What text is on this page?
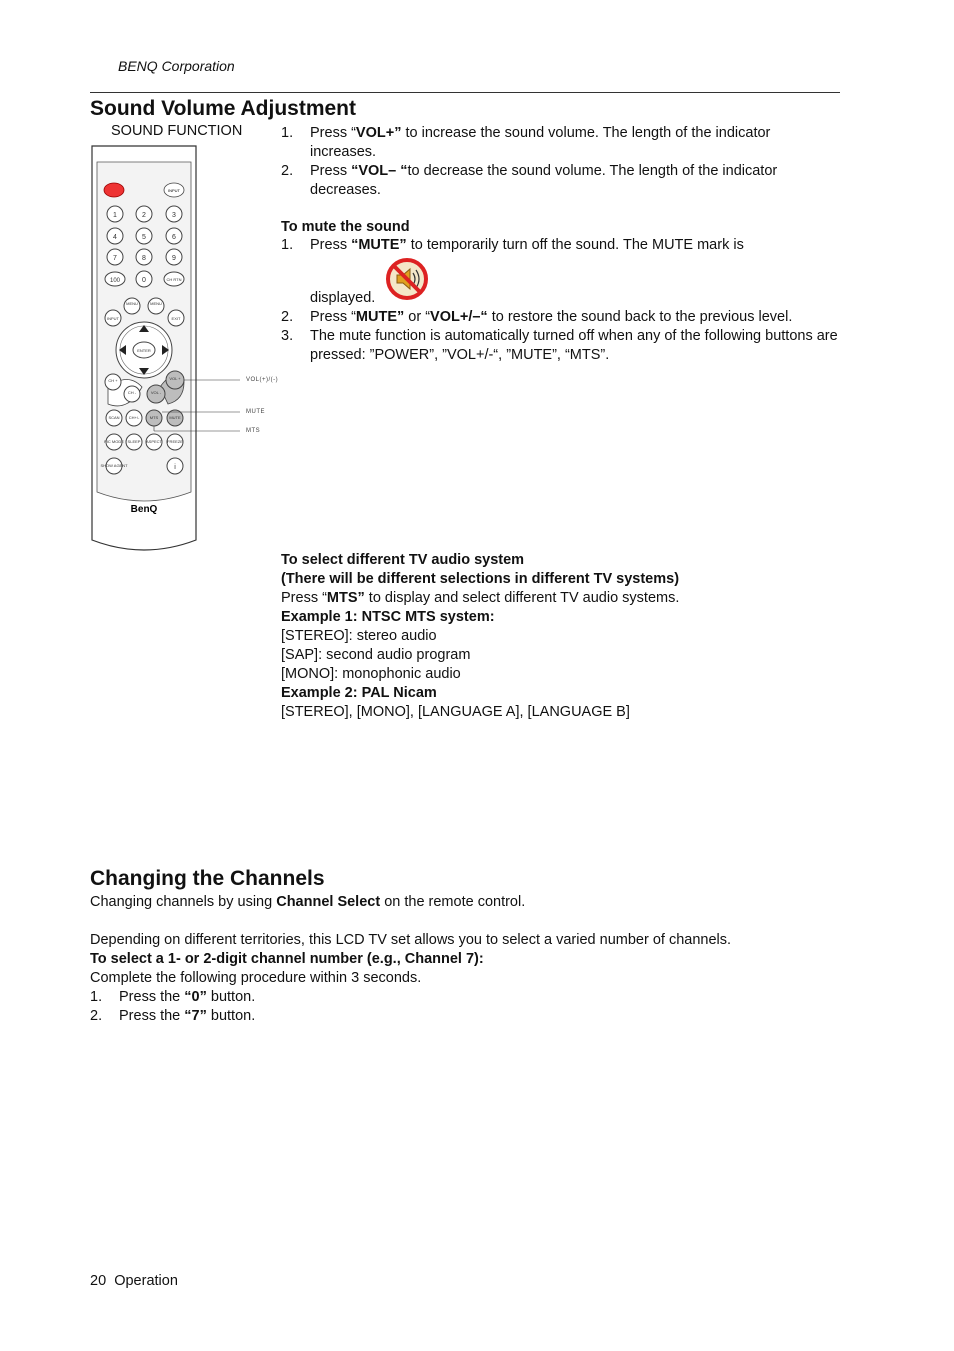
BENQ Corporation
Sound Volume Adjustment
SOUND FUNCTION	1. Press “VOL+” to increase the sound volume. The length of the indicator increases.
2. Press “VOL– “to decrease the sound volume. The length of the indicator decreases.
To mute the sound
1. Press “MUTE” to temporarily turn off the sound. The MUTE mark is
displayed.
2. Press “MUTE” or “VOL+/–“ to restore the sound back to the previous level.
3. The mute function is automatically turned off when any of the following buttons are pressed: ”POWER”, ”VOL+/-“, ”MUTE”, “MTS”.
INPUT
1	2	3
4	5	6
7	8	9
100	0	CH RTN
MENU	MENU
INPUT	EXIT
ENTER
CH +
CH -
VOL +
VOL -
SCAN CH+/-	MTS	MUTE
PIC MODE SLEEP ASPECT FREEZE
SHOW AGENT	i
BenQ
VOL(+)/(-)
MUTE
MTS
To select different TV audio system
(There will be different selections in different TV systems)
Press “MTS” to display and select different TV audio systems.
Example 1: NTSC MTS system:
[STEREO]: stereo audio
[SAP]: second audio program
[MONO]: monophonic audio
Example 2: PAL Nicam
[STEREO], [MONO], [LANGUAGE A], [LANGUAGE B]
Changing the Channels
Changing channels by using Channel Select on the remote control.
Depending on different territories, this LCD TV set allows you to select a varied number of channels.
To select a 1- or 2-digit channel number (e.g., Channel 7):
Complete the following procedure within 3 seconds.
1. Press the “0” button.
2. Press the “7” button.
20 Operation
